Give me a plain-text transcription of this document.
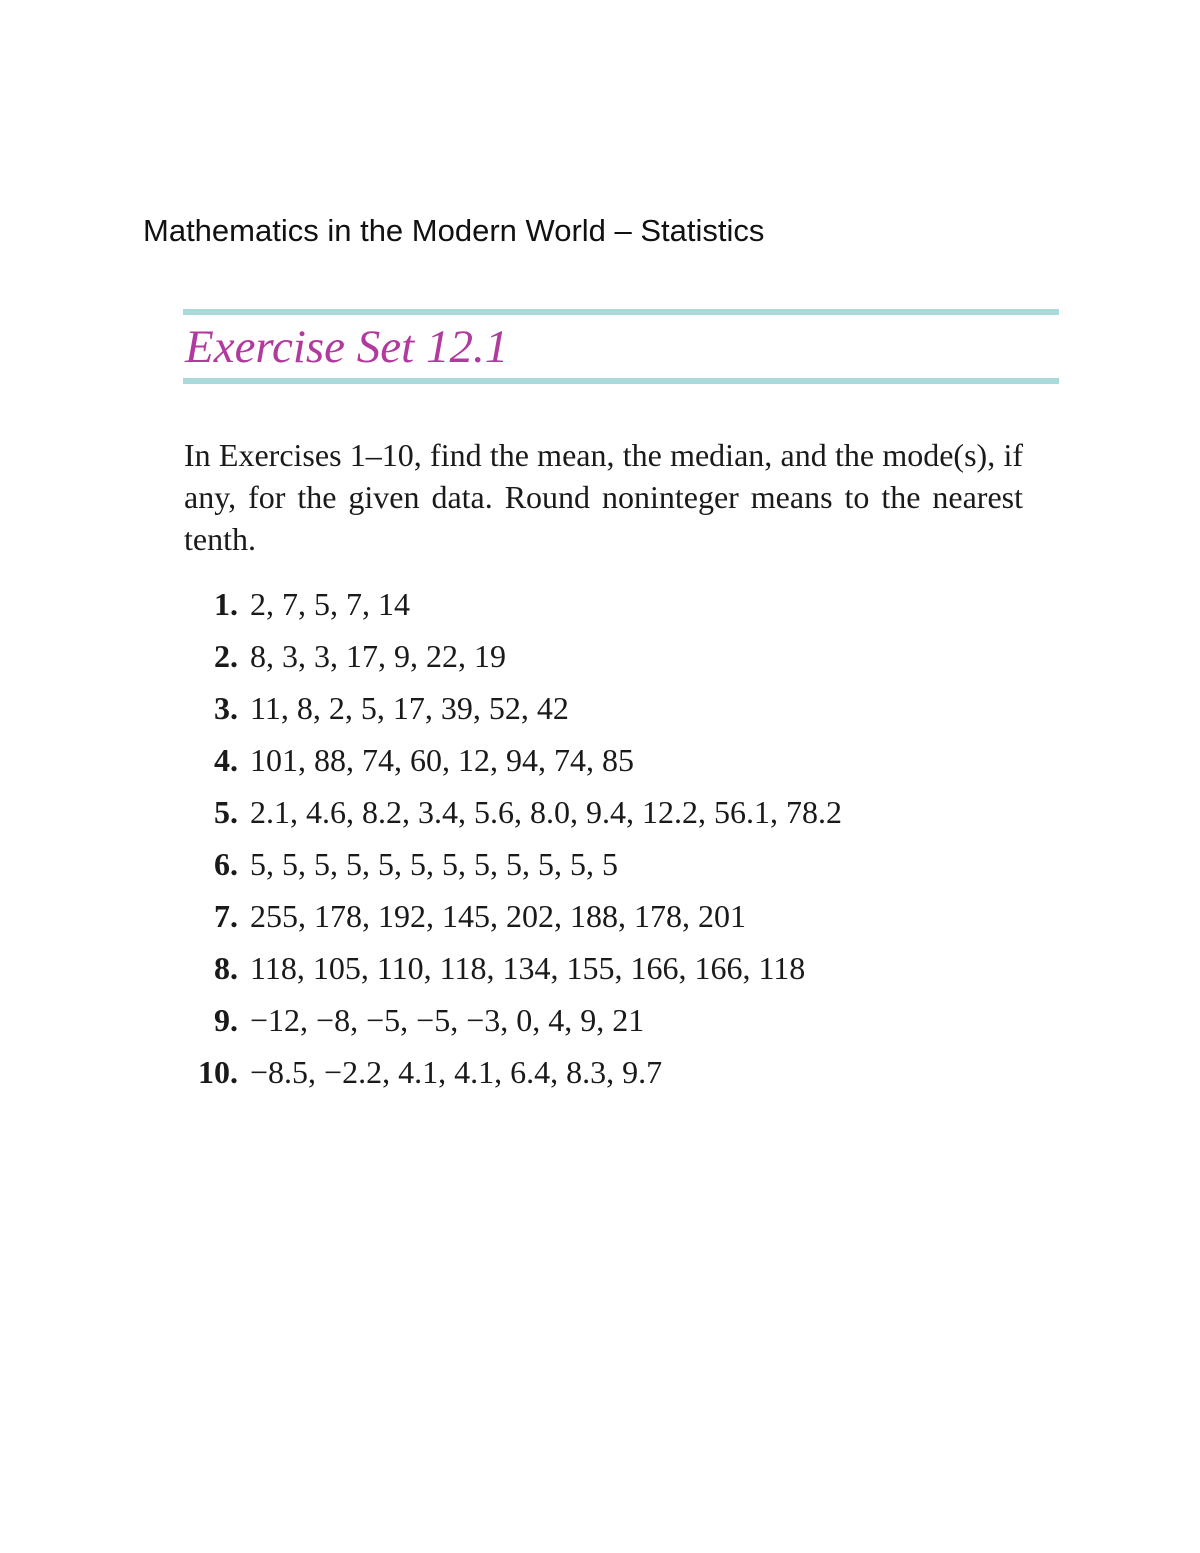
Mathematics in the Modern World – Statistics
Exercise Set 12.1
In Exercises 1–10, find the mean, the median, and the mode(s), if any, for the given data. Round noninteger means to the nearest tenth.
1. 2, 7, 5, 7, 14
2. 8, 3, 3, 17, 9, 22, 19
3. 11, 8, 2, 5, 17, 39, 52, 42
4. 101, 88, 74, 60, 12, 94, 74, 85
5. 2.1, 4.6, 8.2, 3.4, 5.6, 8.0, 9.4, 12.2, 56.1, 78.2
6. 5, 5, 5, 5, 5, 5, 5, 5, 5, 5, 5, 5
7. 255, 178, 192, 145, 202, 188, 178, 201
8. 118, 105, 110, 118, 134, 155, 166, 166, 118
9. −12, −8, −5, −5, −3, 0, 4, 9, 21
10. −8.5, −2.2, 4.1, 4.1, 6.4, 8.3, 9.7
